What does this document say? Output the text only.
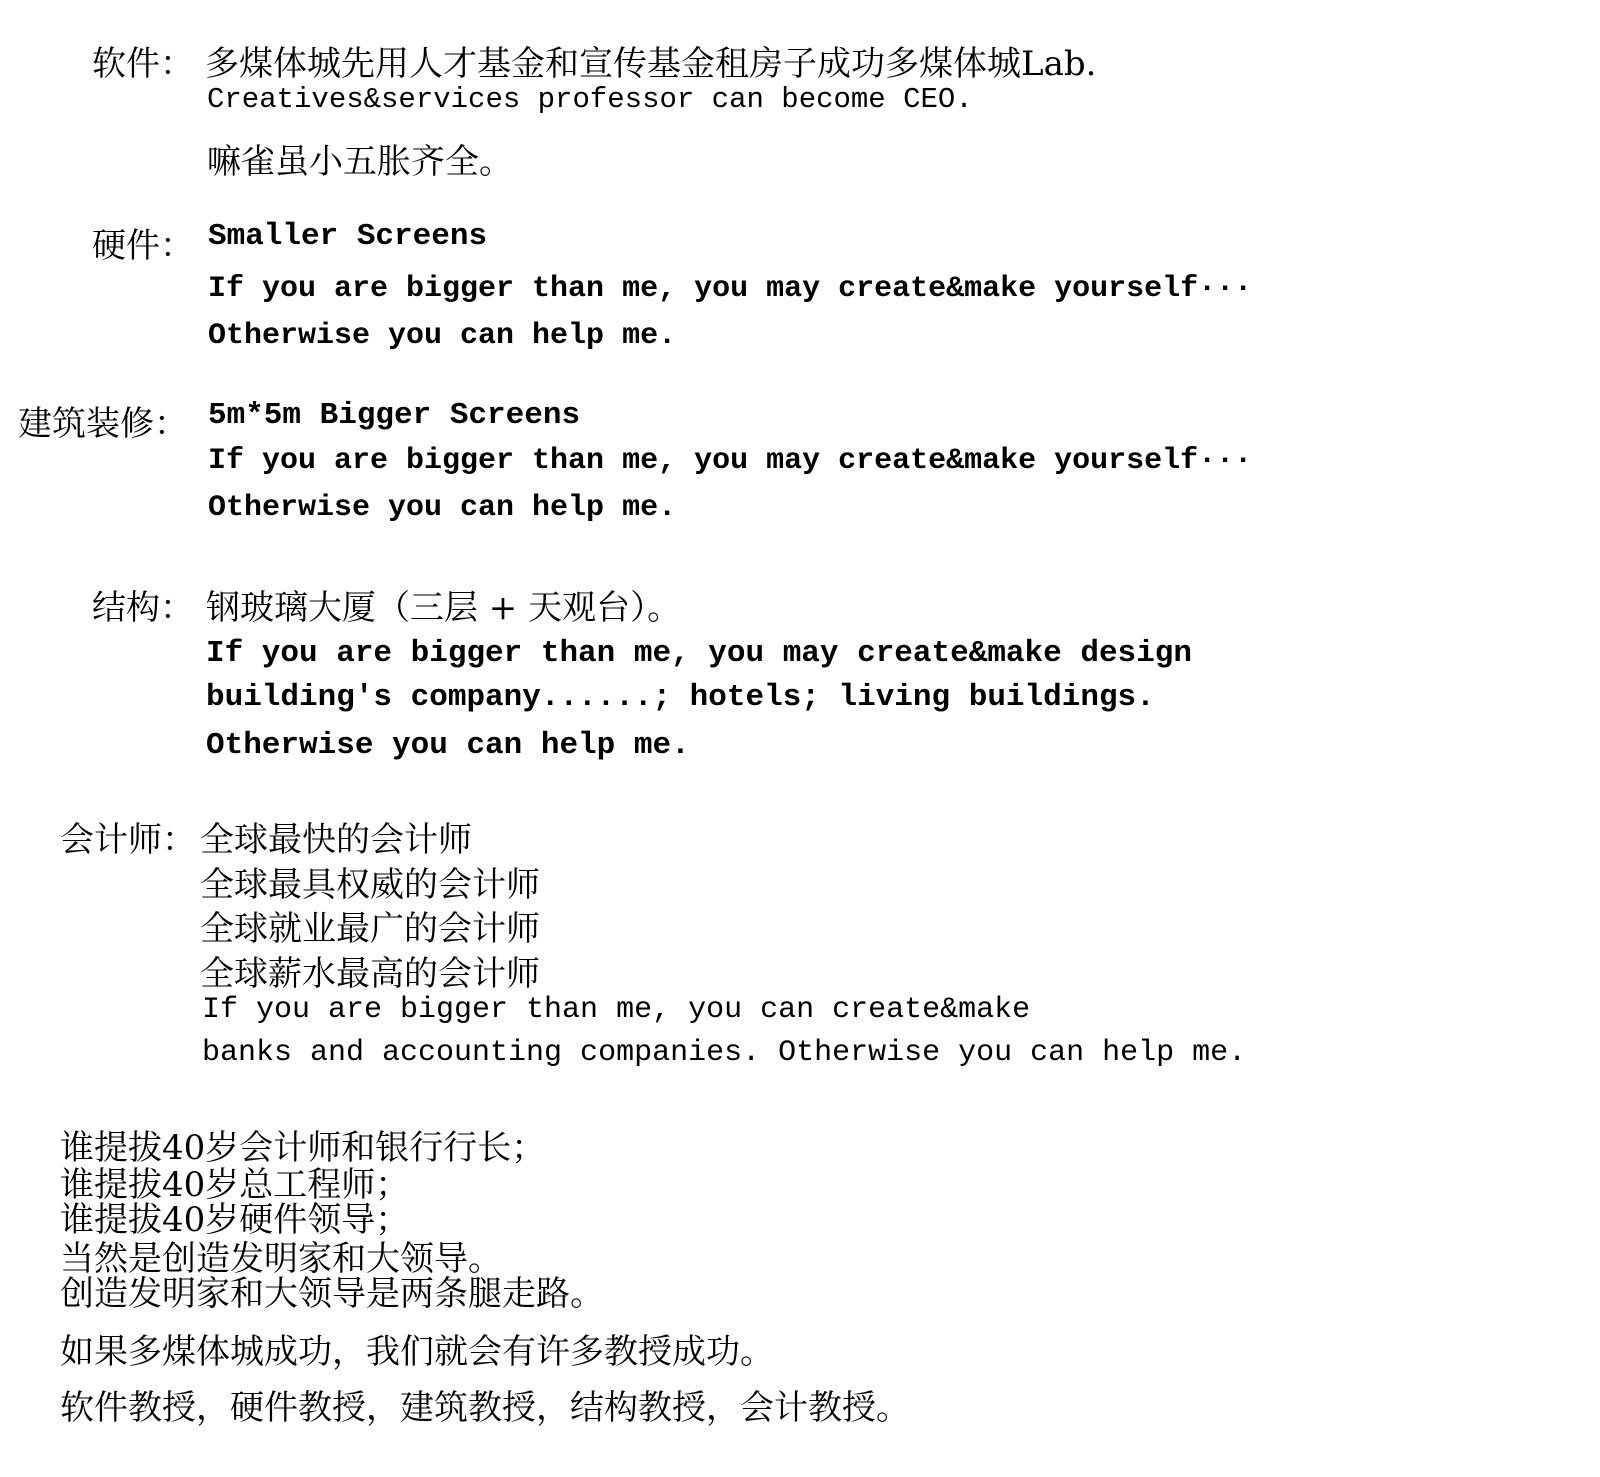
软件： 多煤体城先用人才基金和宣传基金租房子成功多煤体城Lab.
Creatives&services professor can become CEO.
嘛雀虽小五胀齐全。
硬件： Smaller Screens
If you are bigger than me, you may create&make yourself···
Otherwise you can help me.
建筑装修： 5m*5m Bigger Screens
If you are bigger than me, you may create&make yourself···
Otherwise you can help me.
结构： 钢玻璃大厦（三层 + 天观台）。
If you are bigger than me, you may create&make design
building's company......; hotels; living buildings.
Otherwise you can help me.
会计师： 全球最快的会计师
全球最具权威的会计师
全球就业最广的会计师
全球薪水最高的会计师
If you are bigger than me, you can create&make
banks and accounting companies. Otherwise you can help me.
谁提拔40岁会计师和银行行长；
谁提拔40岁总工程师；
谁提拔40岁硬件领导；
当然是创造发明家和大领导。
创造发明家和大领导是两条腿走路。
如果多煤体城成功，我们就会有许多教授成功。
软件教授，硬件教授，建筑教授，结构教授，会计教授。
